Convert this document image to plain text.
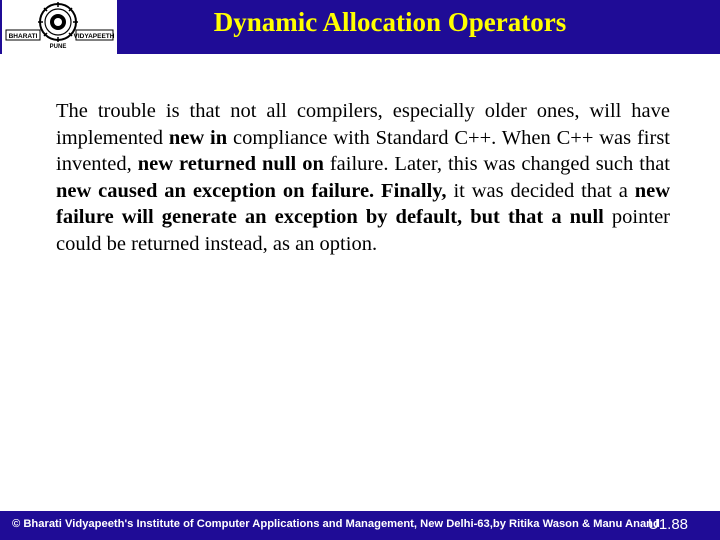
BHARATI	VIDYAPEETH
PUNE
Dynamic Allocation Operators
The trouble is that not all compilers, especially older ones, will have implemented new in compliance with Standard C++. When C++ was first invented, new returned null on failure. Later, this was changed such that new caused an exception on failure. Finally, it was decided that a new failure will generate an exception by default, but that a null pointer could be returned instead, as an option.
© Bharati Vidyapeeth's Institute of Computer Applications and Management, New Delhi-63,by Ritika Wason & Manu Anand
U1.88
